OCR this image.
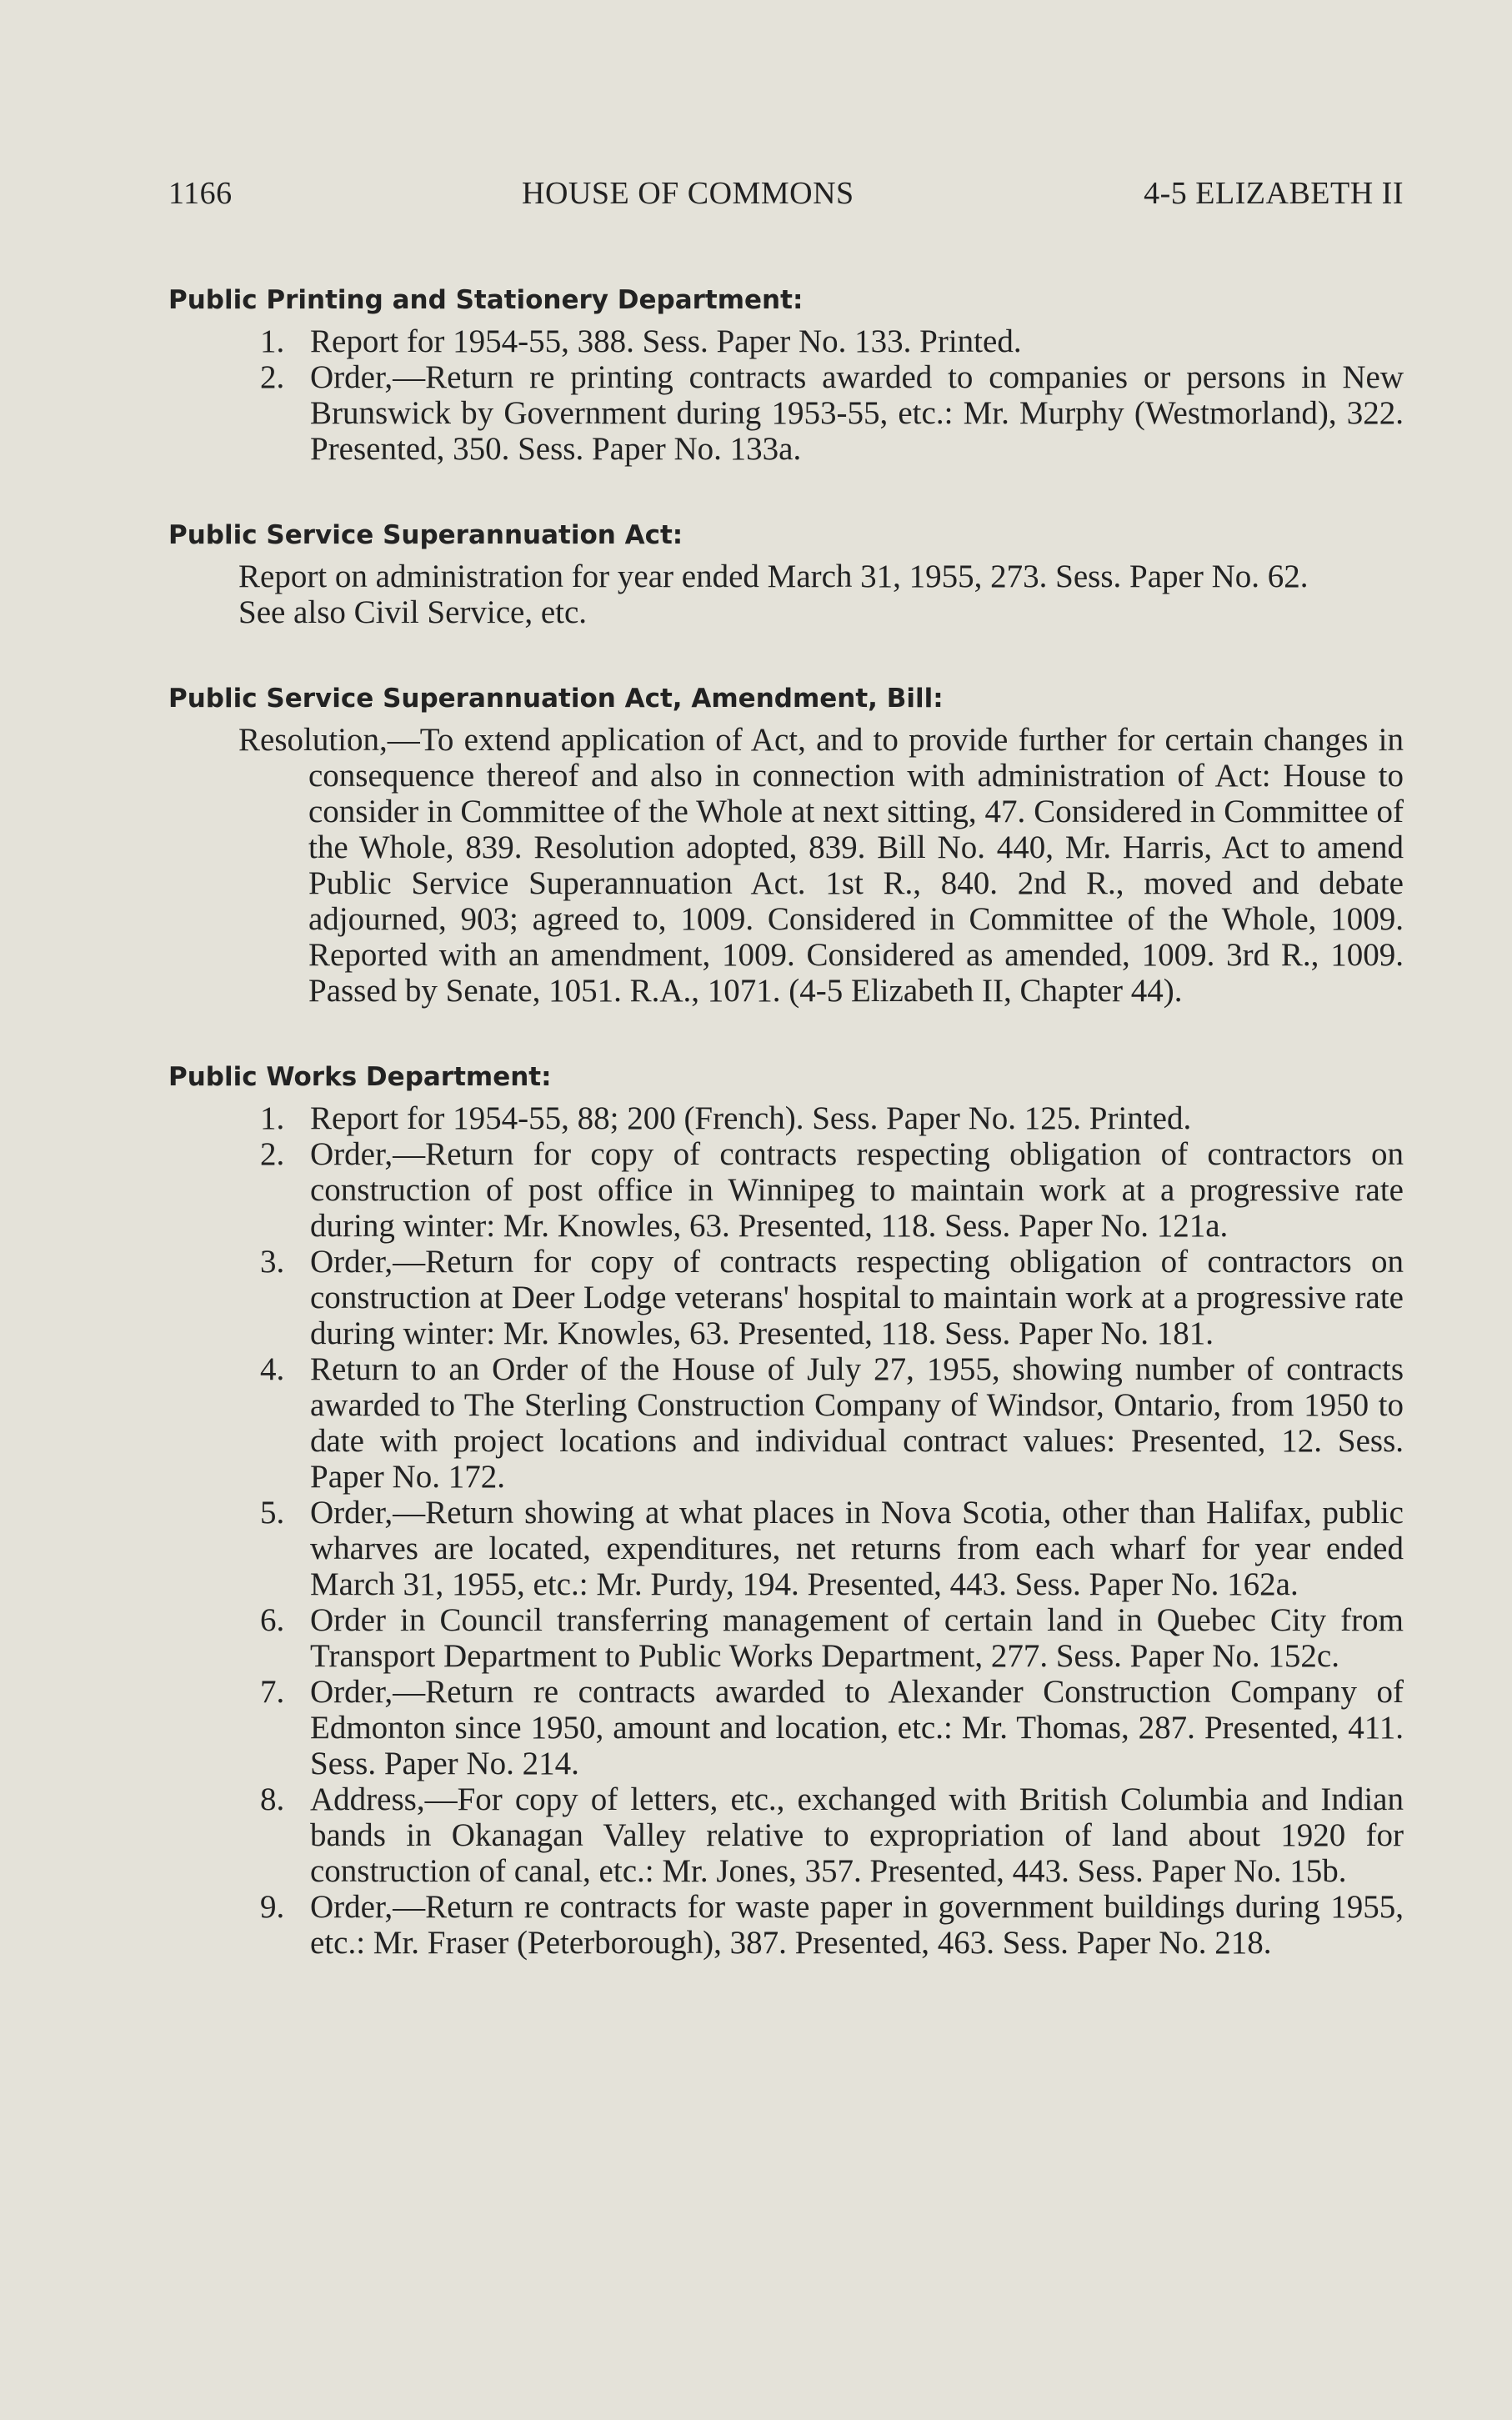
1166	HOUSE OF COMMONS	4-5 ELIZABETH II
Public Printing and Stationery Department:
1. Report for 1954-55, 388. Sess. Paper No. 133. Printed.
2. Order,—Return re printing contracts awarded to companies or persons in New Brunswick by Government during 1953-55, etc.: Mr. Murphy (Westmorland), 322. Presented, 350. Sess. Paper No. 133a.
Public Service Superannuation Act:
Report on administration for year ended March 31, 1955, 273. Sess. Paper No. 62.
See also Civil Service, etc.
Public Service Superannuation Act, Amendment, Bill:
Resolution,—To extend application of Act, and to provide further for certain changes in consequence thereof and also in connection with administration of Act: House to consider in Committee of the Whole at next sitting, 47. Considered in Committee of the Whole, 839. Resolution adopted, 839. Bill No. 440, Mr. Harris, Act to amend Public Service Superannuation Act. 1st R., 840. 2nd R., moved and debate adjourned, 903; agreed to, 1009. Considered in Committee of the Whole, 1009. Reported with an amendment, 1009. Considered as amended, 1009. 3rd R., 1009. Passed by Senate, 1051. R.A., 1071. (4-5 Elizabeth II, Chapter 44).
Public Works Department:
1. Report for 1954-55, 88; 200 (French). Sess. Paper No. 125. Printed.
2. Order,—Return for copy of contracts respecting obligation of contractors on construction of post office in Winnipeg to maintain work at a progressive rate during winter: Mr. Knowles, 63. Presented, 118. Sess. Paper No. 121a.
3. Order,—Return for copy of contracts respecting obligation of contractors on construction at Deer Lodge veterans' hospital to maintain work at a progressive rate during winter: Mr. Knowles, 63. Presented, 118. Sess. Paper No. 181.
4. Return to an Order of the House of July 27, 1955, showing number of contracts awarded to The Sterling Construction Company of Windsor, Ontario, from 1950 to date with project locations and individual contract values: Presented, 12. Sess. Paper No. 172.
5. Order,—Return showing at what places in Nova Scotia, other than Halifax, public wharves are located, expenditures, net returns from each wharf for year ended March 31, 1955, etc.: Mr. Purdy, 194. Presented, 443. Sess. Paper No. 162a.
6. Order in Council transferring management of certain land in Quebec City from Transport Department to Public Works Department, 277. Sess. Paper No. 152c.
7. Order,—Return re contracts awarded to Alexander Construction Company of Edmonton since 1950, amount and location, etc.: Mr. Thomas, 287. Presented, 411. Sess. Paper No. 214.
8. Address,—For copy of letters, etc., exchanged with British Columbia and Indian bands in Okanagan Valley relative to expropriation of land about 1920 for construction of canal, etc.: Mr. Jones, 357. Presented, 443. Sess. Paper No. 15b.
9. Order,—Return re contracts for waste paper in government buildings during 1955, etc.: Mr. Fraser (Peterborough), 387. Presented, 463. Sess. Paper No. 218.
